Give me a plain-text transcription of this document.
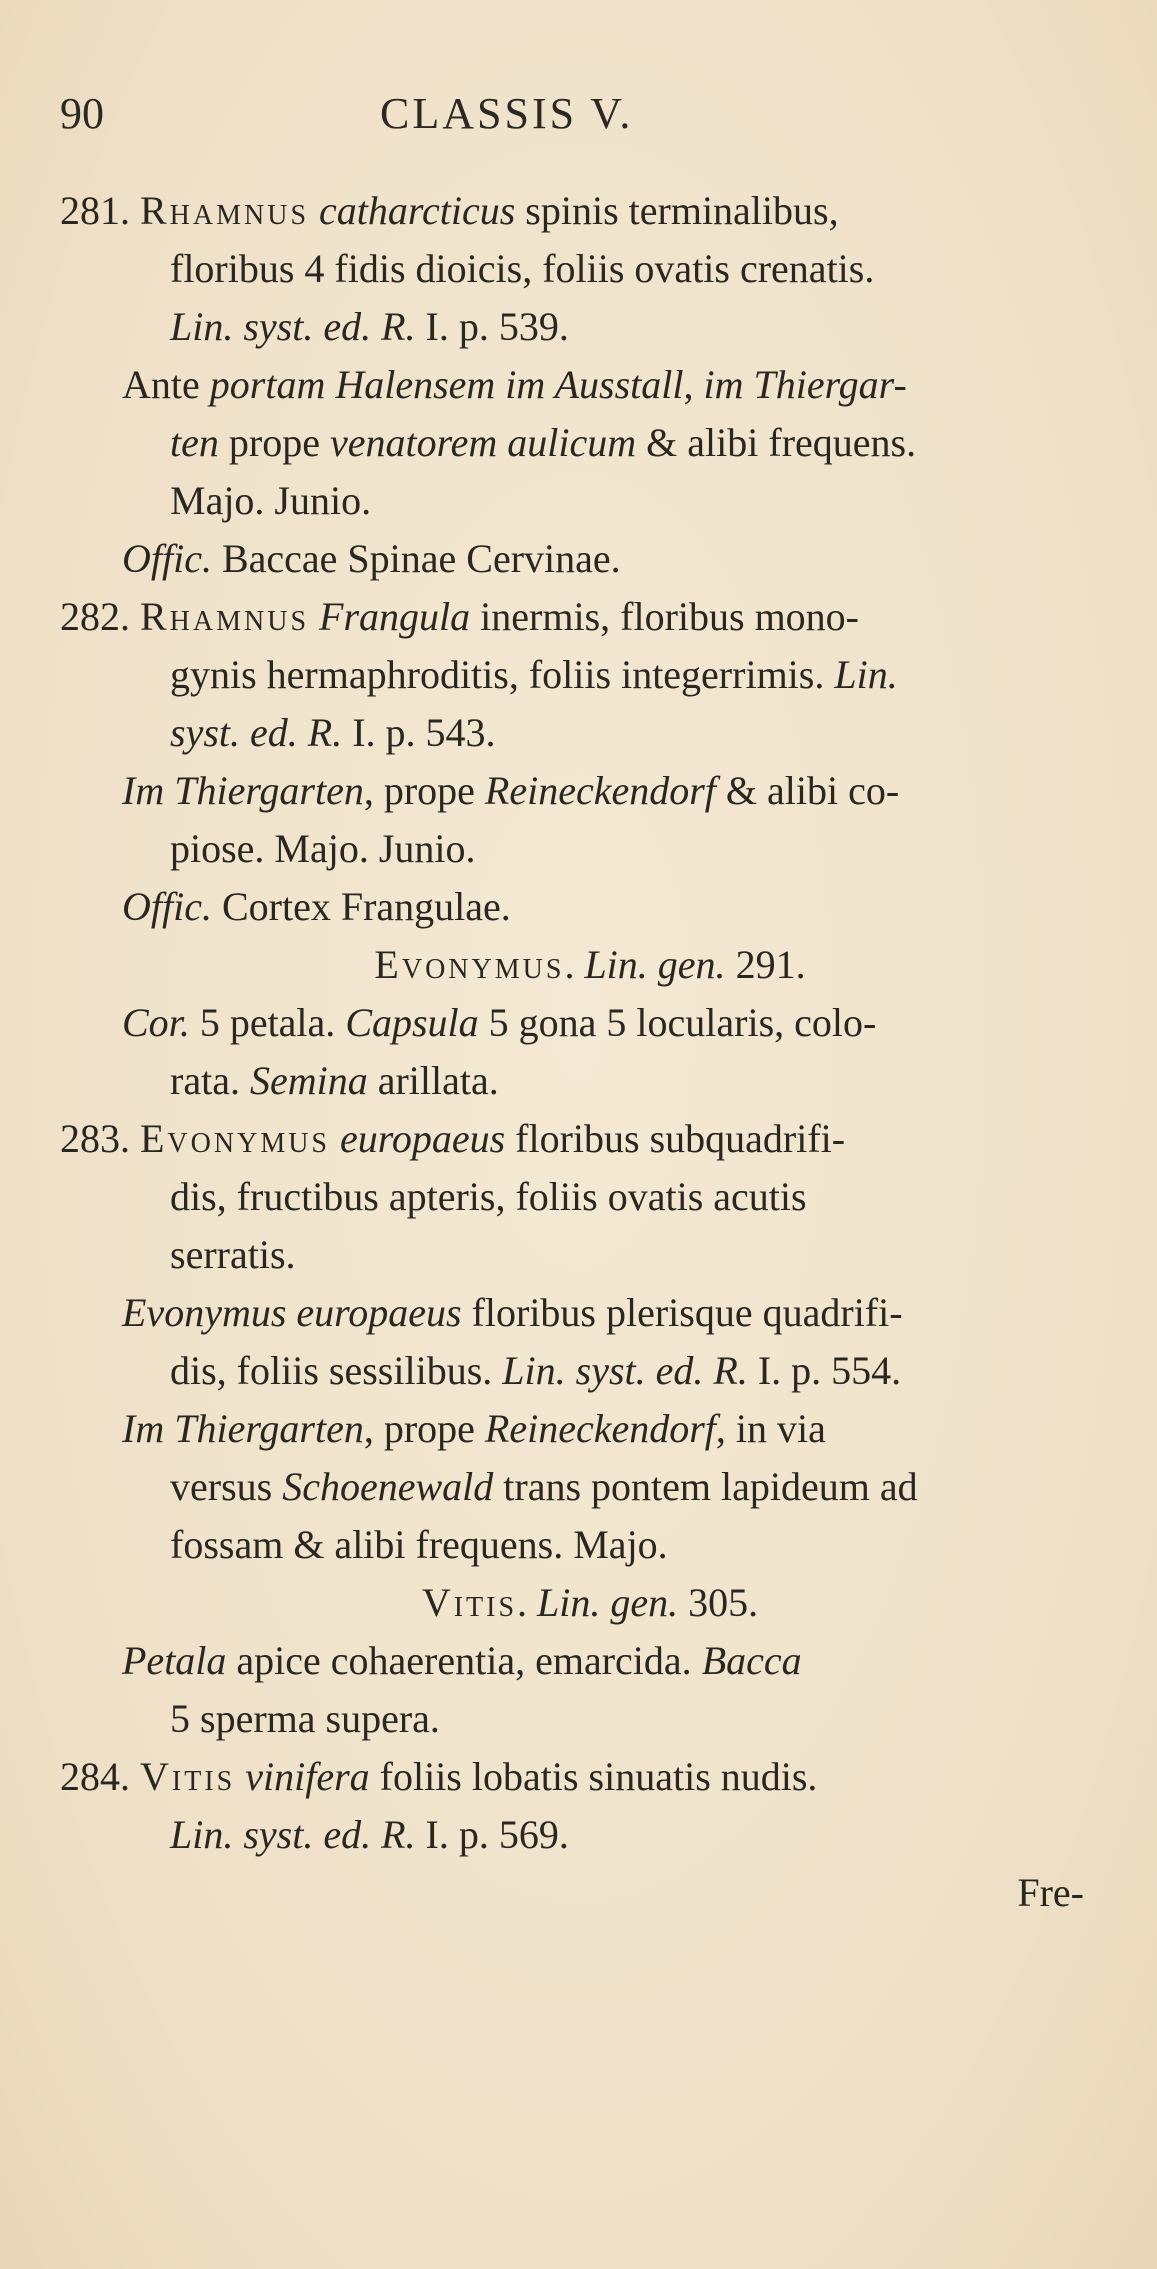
90	CLASSIS V.
281. Rhamnus catharcticus spinis terminalibus,
floribus 4 fidis dioicis, foliis ovatis crenatis.
Lin. syst. ed. R. I. p. 539.
Ante portam Halensem im Ausstall, im Thiergar-
ten prope venatorem aulicum & alibi frequens.
Majo. Junio.
Offic. Baccae Spinae Cervinae.
282. Rhamnus Frangula inermis, floribus mono-
gynis hermaphroditis, foliis integerrimis. Lin.
syst. ed. R. I. p. 543.
Im Thiergarten, prope Reineckendorf & alibi co-
piose. Majo. Junio.
Offic. Cortex Frangulae.
Evonymus. Lin. gen. 291.
Cor. 5 petala. Capsula 5 gona 5 locularis, colo-
rata. Semina arillata.
283. Evonymus europaeus floribus subquadrifi-
dis, fructibus apteris, foliis ovatis acutis
serratis.
Evonymus europaeus floribus plerisque quadrifi-
dis, foliis sessilibus. Lin. syst. ed. R. I. p. 554.
Im Thiergarten, prope Reineckendorf, in via
versus Schoenewald trans pontem lapideum ad
fossam & alibi frequens. Majo.
Vitis. Lin. gen. 305.
Petala apice cohaerentia, emarcida. Bacca
5 sperma supera.
284. Vitis vinifera foliis lobatis sinuatis nudis.
Lin. syst. ed. R. I. p. 569.
Fre-
